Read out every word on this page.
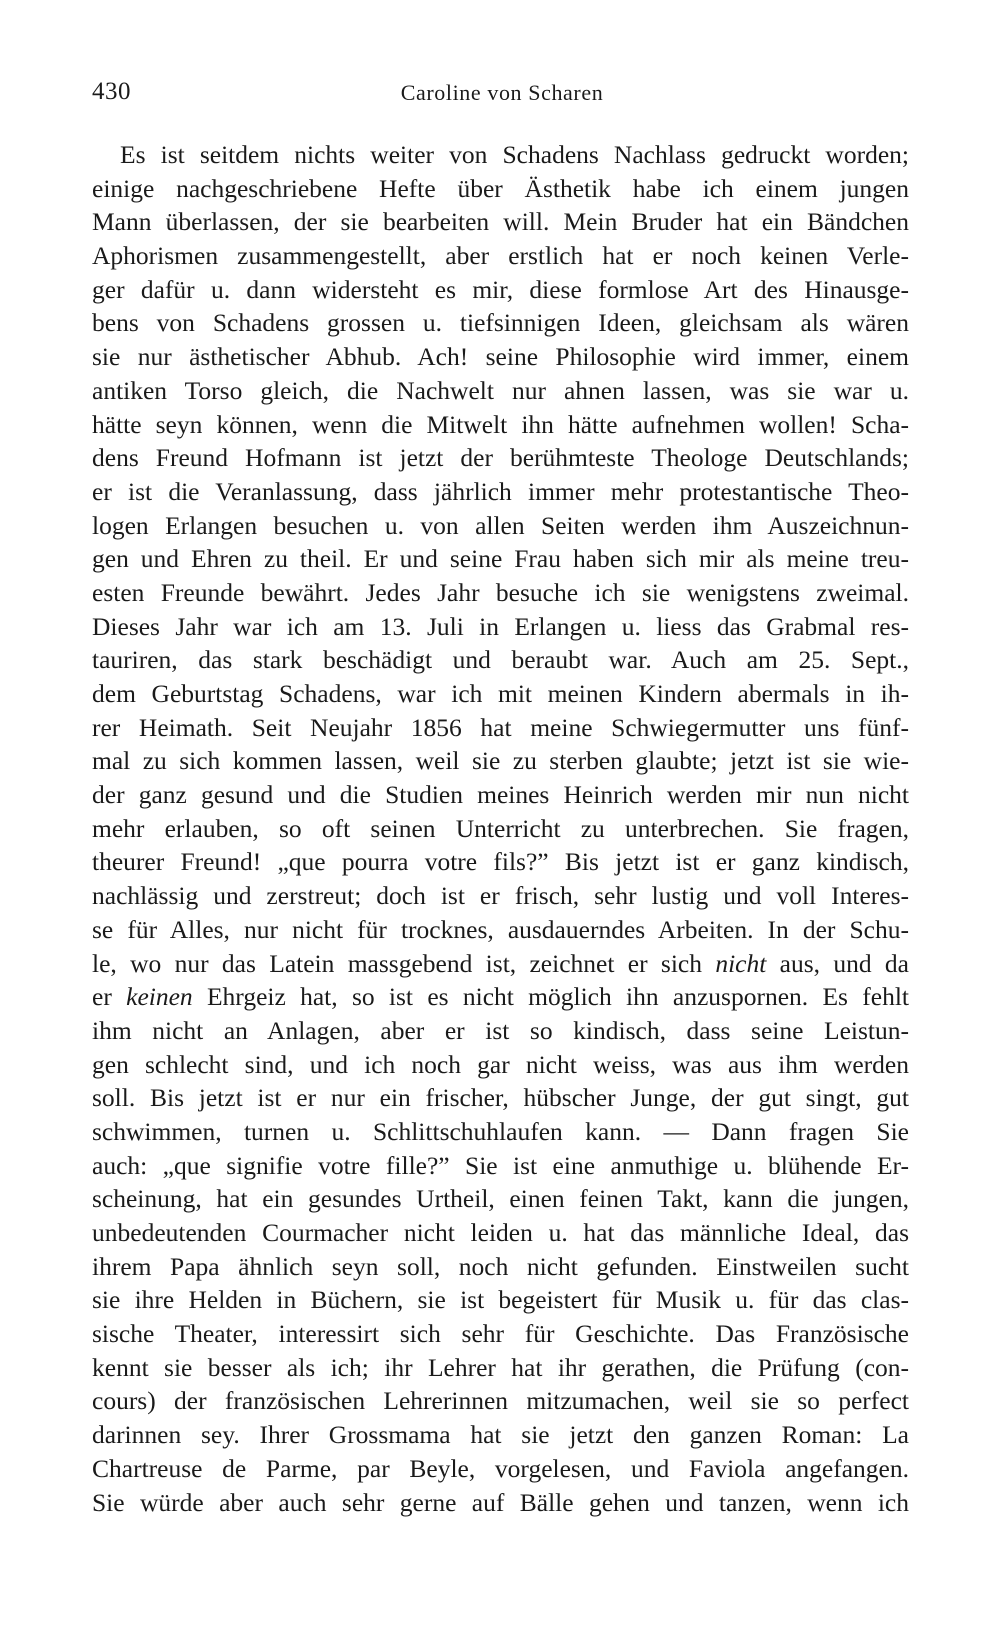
430	Caroline von Scharen
Es ist seitdem nichts weiter von Schadens Nachlass gedruckt worden;
einige nachgeschriebene Hefte über Ästhetik habe ich einem jungen
Mann überlassen, der sie bearbeiten will. Mein Bruder hat ein Bändchen
Aphorismen zusammengestellt, aber erstlich hat er noch keinen Verle-
ger dafür u. dann widersteht es mir, diese formlose Art des Hinausge-
bens von Schadens grossen u. tiefsinnigen Ideen, gleichsam als wären
sie nur ästhetischer Abhub. Ach! seine Philosophie wird immer, einem
antiken Torso gleich, die Nachwelt nur ahnen lassen, was sie war u.
hätte seyn können, wenn die Mitwelt ihn hätte aufnehmen wollen! Scha-
dens Freund Hofmann ist jetzt der berühmteste Theologe Deutschlands;
er ist die Veranlassung, dass jährlich immer mehr protestantische Theo-
logen Erlangen besuchen u. von allen Seiten werden ihm Auszeichnun-
gen und Ehren zu theil. Er und seine Frau haben sich mir als meine treu-
esten Freunde bewährt. Jedes Jahr besuche ich sie wenigstens zweimal.
Dieses Jahr war ich am 13. Juli in Erlangen u. liess das Grabmal res-
tauriren, das stark beschädigt und beraubt war. Auch am 25. Sept.,
dem Geburtstag Schadens, war ich mit meinen Kindern abermals in ih-
rer Heimath. Seit Neujahr 1856 hat meine Schwiegermutter uns fünf-
mal zu sich kommen lassen, weil sie zu sterben glaubte; jetzt ist sie wie-
der ganz gesund und die Studien meines Heinrich werden mir nun nicht
mehr erlauben, so oft seinen Unterricht zu unterbrechen. Sie fragen,
theurer Freund! „que pourra votre fils?” Bis jetzt ist er ganz kindisch,
nachlässig und zerstreut; doch ist er frisch, sehr lustig und voll Interes-
se für Alles, nur nicht für trocknes, ausdauerndes Arbeiten. In der Schu-
le, wo nur das Latein massgebend ist, zeichnet er sich nicht aus, und da
er keinen Ehrgeiz hat, so ist es nicht möglich ihn anzuspornen. Es fehlt
ihm nicht an Anlagen, aber er ist so kindisch, dass seine Leistun-
gen schlecht sind, und ich noch gar nicht weiss, was aus ihm werden
soll. Bis jetzt ist er nur ein frischer, hübscher Junge, der gut singt, gut
schwimmen, turnen u. Schlittschuhlaufen kann. — Dann fragen Sie
auch: „que signifie votre fille?” Sie ist eine anmuthige u. blühende Er-
scheinung, hat ein gesundes Urtheil, einen feinen Takt, kann die jungen,
unbedeutenden Courmacher nicht leiden u. hat das männliche Ideal, das
ihrem Papa ähnlich seyn soll, noch nicht gefunden. Einstweilen sucht
sie ihre Helden in Büchern, sie ist begeistert für Musik u. für das clas-
sische Theater, interessirt sich sehr für Geschichte. Das Französische
kennt sie besser als ich; ihr Lehrer hat ihr gerathen, die Prüfung (con-
cours) der französischen Lehrerinnen mitzumachen, weil sie so perfect
darinnen sey. Ihrer Grossmama hat sie jetzt den ganzen Roman: La
Chartreuse de Parme, par Beyle, vorgelesen, und Faviola angefangen.
Sie würde aber auch sehr gerne auf Bälle gehen und tanzen, wenn ich
